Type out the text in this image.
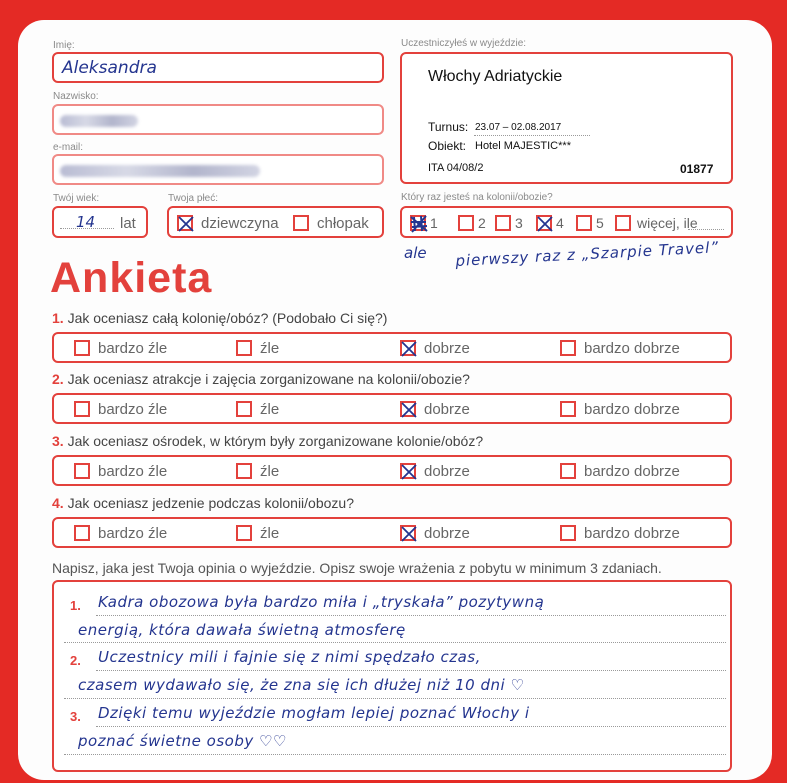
Imię:
Aleksandra
Nazwisko:
e-mail:
Twój wiek:
14 lat
Twoja płeć:
dziewczyna	chłopak
Uczestniczyłeś w wyjeździe:
Włochy Adriatyckie
Turnus: 23.07 – 02.08.2017
Obiekt: Hotel MAJESTIC***
ITA 04/08/2	01877
Który raz jesteś na kolonii/obozie?
1	2 3 4 5 więcej, ile
ale pierwszy raz z „Szarpie Travel”
Ankieta
1. Jak oceniasz całą kolonię/obóz? (Podobało Ci się?)
bardzo źle	źle	dobrze	bardzo dobrze
2. Jak oceniasz atrakcje i zajęcia zorganizowane na kolonii/obozie?
bardzo źle	źle	dobrze	bardzo dobrze
3. Jak oceniasz ośrodek, w którym były zorganizowane kolonie/obóz?
bardzo źle	źle	dobrze	bardzo dobrze
4. Jak oceniasz jedzenie podczas kolonii/obozu?
bardzo źle	źle	dobrze	bardzo dobrze
Napisz, jaka jest Twoja opinia o wyjeździe. Opisz swoje wrażenia z pobytu w minimum 3 zdaniach.
1.
2.
3.
Kadra obozowa była bardzo miła i „tryskała” pozytywną
energią, która dawała świetną atmosferę
Uczestnicy mili i fajnie się z nimi spędzało czas,
czasem wydawało się, że zna się ich dłużej niż 10 dni ♡
Dzięki temu wyjeździe mogłam lepiej poznać Włochy i
poznać świetne osoby ♡♡
